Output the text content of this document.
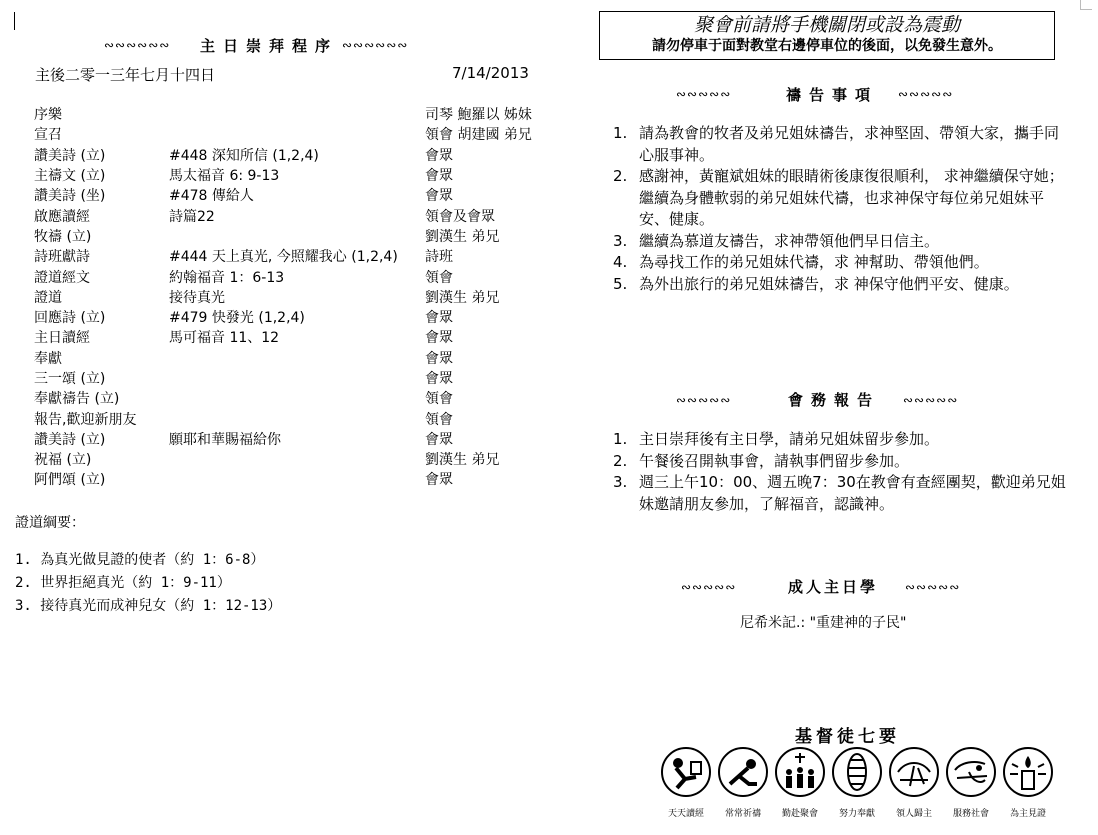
∾∾∾∾∾∾ 主日崇拜程序 ∾∾∾∾∾∾
主後二零一三年七月十四日	7/14/2013
序樂		司琴 鮑羅以 姊妹
宣召		領會 胡建國 弟兄
讚美詩 (立)	#448 深知所信 (1,2,4)	會眾
主禱文 (立)	馬太福音 6: 9-13	會眾
讚美詩 (坐)	#478 傳給人	會眾
啟應讀經	詩篇22	領會及會眾
牧禱 (立)		劉漢生 弟兄
詩班獻詩	#444 天上真光, 今照耀我心 (1,2,4)	詩班
證道經文	約翰福音 1：6-13	領會
證道	接待真光	劉漢生 弟兄
回應詩 (立)	#479 快發光 (1,2,4)	會眾
主日讀經	馬可福音 11、12	會眾
奉獻		會眾
三一頌 (立)		會眾
奉獻禱告 (立)		領會
報告,歡迎新朋友		領會
讚美詩 (立)	願耶和華賜福給你	會眾
祝福 (立)		劉漢生 弟兄
阿們頌 (立)		會眾
證道綱要：
1. 為真光做見證的使者（約 1：6-8）
2. 世界拒絕真光（約 1：9-11）
3. 接待真光而成神兒女（約 1：12-13）
聚會前請將手機關閉或設為震動
請勿停車于面對教堂右邊停車位的後面，以免發生意外。
∾∾∾∾∾	禱告事項 ∾∾∾∾∾
1. 請為教會的牧者及弟兄姐妹禱告，求神堅固、帶領大家，攜手同心服事神。
2. 感謝神，黃寵斌姐妹的眼睛術後康復很順利， 求神繼續保守她；繼續為身體軟弱的弟兄姐妹代禱，也求神保守每位弟兄姐妹平安、健康。
3. 繼續為慕道友禱告，求神帶領他們早日信主。
4. 為尋找工作的弟兄姐妹代禱，求 神幫助、帶領他們。
5. 為外出旅行的弟兄姐妹禱告，求 神保守他們平安、健康。
∾∾∾∾∾	會務報告 ∾∾∾∾∾
1. 主日崇拜後有主日學，請弟兄姐妹留步參加。
2. 午餐後召開執事會，請執事們留步參加。
3. 週三上午10：00、週五晚7：30在教會有查經團契，歡迎弟兄姐妹邀請朋友參加，了解福音，認識神。
∾∾∾∾∾	成人主日學 ∾∾∾∾∾
尼希米記.: "重建神的子民"
基督徒七要
天天讀經	常常祈禱	勤赴聚會	努力奉獻	領人歸主	服務社會	為主見證
